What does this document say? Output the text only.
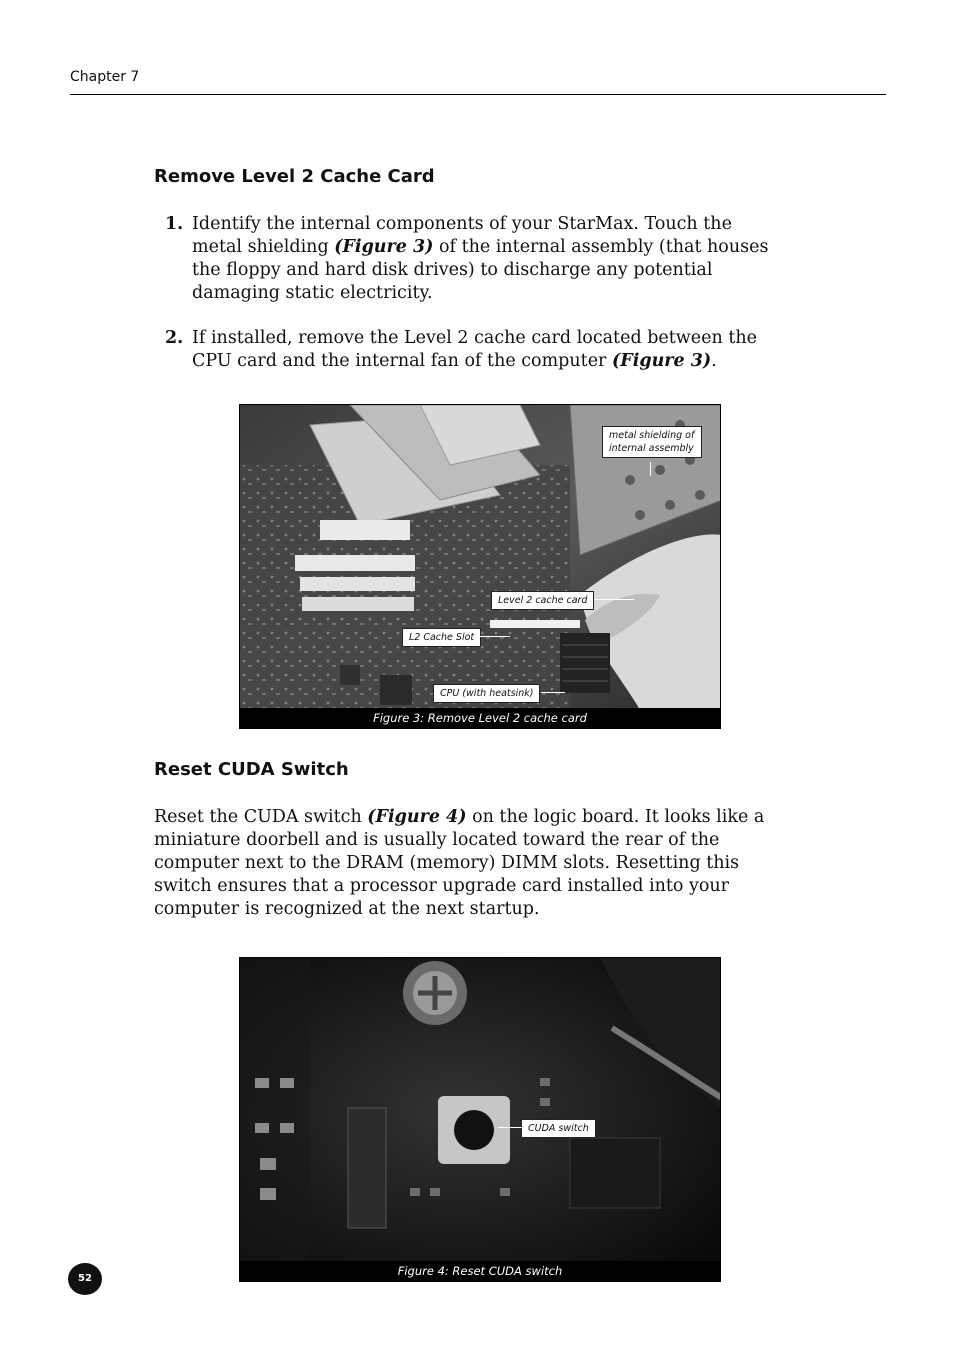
Chapter 7
Remove Level 2 Cache Card
1. Identify the internal components of your StarMax. Touch the metal shielding (Figure 3) of the internal assembly (that houses the floppy and hard disk drives) to discharge any potential damaging static electricity.
2. If installed, remove the Level 2 cache card located between the CPU card and the internal fan of the computer (Figure 3).
metal shielding of internal assembly
Level 2 cache card
L2 Cache Slot
CPU (with heatsink)
Figure 3: Remove Level 2 cache card
Reset CUDA Switch
Reset the CUDA switch (Figure 4) on the logic board. It looks like a miniature doorbell and is usually located toward the rear of the computer next to the DRAM (memory) DIMM slots. Resetting this switch ensures that a processor upgrade card installed into your computer is recognized at the next startup.
CUDA switch
Figure 4: Reset CUDA switch
52
